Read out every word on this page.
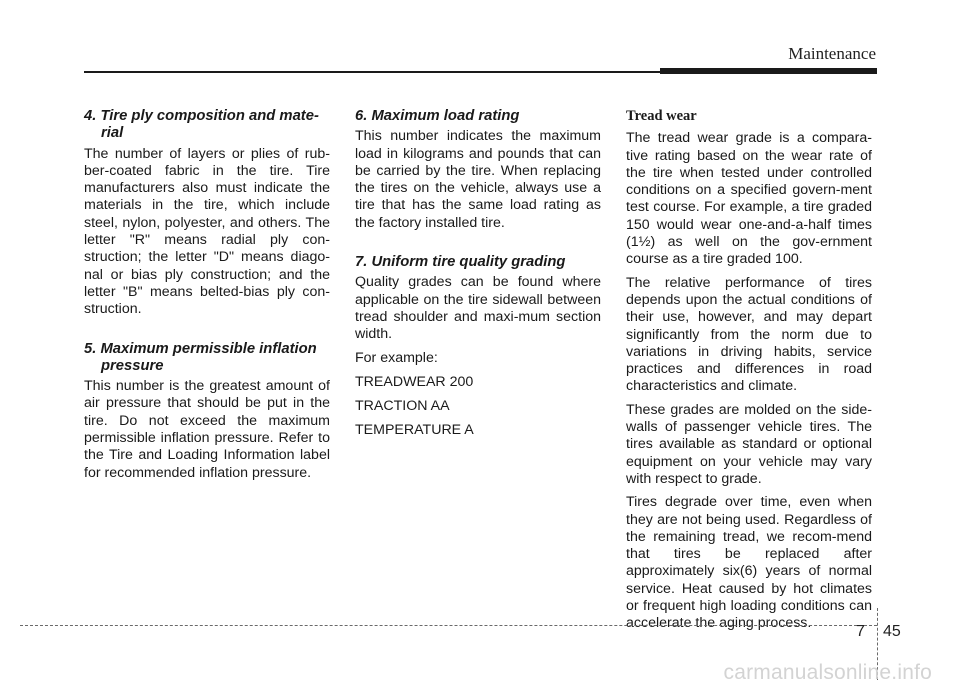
Maintenance
4. Tire ply composition and mate-rial

The number of layers or plies of rub-ber-coated fabric in the tire. Tire manufacturers also must indicate the materials in the tire, which include steel, nylon, polyester, and others. The letter "R" means radial ply con-struction; the letter "D" means diago-nal or bias ply construction; and the letter "B" means belted-bias ply con-struction.

5. Maximum permissible inflation pressure

This number is the greatest amount of air pressure that should be put in the tire. Do not exceed the maximum permissible inflation pressure. Refer to the Tire and Loading Information label for recommended inflation pressure.

6. Maximum load rating

This number indicates the maximum load in kilograms and pounds that can be carried by the tire. When replacing the tires on the vehicle, always use a tire that has the same load rating as the factory installed tire.

7. Uniform tire quality grading

Quality grades can be found where applicable on the tire sidewall between tread shoulder and maxi-mum section width.

For example:

TREADWEAR 200

TRACTION AA

TEMPERATURE A

Tread wear

The tread wear grade is a compara-tive rating based on the wear rate of the tire when tested under controlled conditions on a specified govern-ment test course. For example, a tire graded 150 would wear one-and-a-half times (1½) as well on the gov-ernment course as a tire graded 100.

The relative performance of tires depends upon the actual conditions of their use, however, and may depart significantly from the norm due to variations in driving habits, service practices and differences in road characteristics and climate.

These grades are molded on the side-walls of passenger vehicle tires. The tires available as standard or optional equipment on your vehicle may vary with respect to grade.

Tires degrade over time, even when they are not being used. Regardless of the remaining tread, we recom-mend that tires be replaced after approximately six(6) years of normal service. Heat caused by hot climates or frequent high loading conditions can accelerate the aging process.	7 45
carmanualsonline.info
